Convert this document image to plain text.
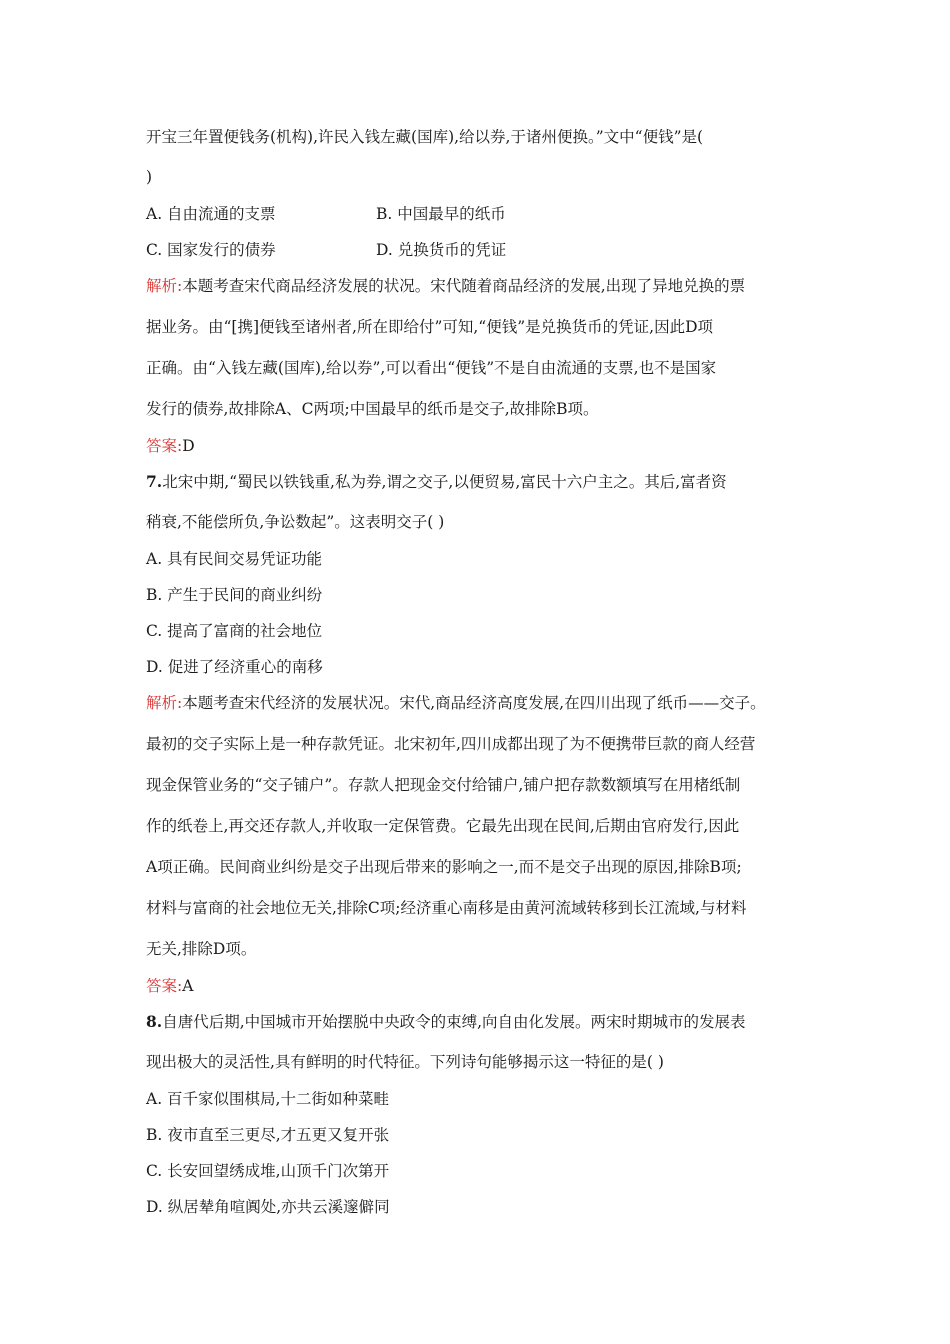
开宝三年置便钱务(机构),许民入钱左藏(国库),给以券,于诸州便换。”文中“便钱”是(
)
A. 自由流通的支票	B. 中国最早的纸币
C. 国家发行的债券	D. 兑换货币的凭证
解析:本题考查宋代商品经济发展的状况。宋代随着商品经济的发展,出现了异地兑换的票
据业务。由“[携]便钱至诸州者,所在即给付”可知,“便钱”是兑换货币的凭证,因此D项
正确。由“入钱左藏(国库),给以券”,可以看出“便钱”不是自由流通的支票,也不是国家
发行的债券,故排除A、C两项;中国最早的纸币是交子,故排除B项。
答案:D
7.北宋中期,“蜀民以铁钱重,私为券,谓之交子,以便贸易,富民十六户主之。其后,富者资
稍衰,不能偿所负,争讼数起”。这表明交子( )
A. 具有民间交易凭证功能
B. 产生于民间的商业纠纷
C. 提高了富商的社会地位
D. 促进了经济重心的南移
解析:本题考查宋代经济的发展状况。宋代,商品经济高度发展,在四川出现了纸币——交子。
最初的交子实际上是一种存款凭证。北宋初年,四川成都出现了为不便携带巨款的商人经营
现金保管业务的“交子铺户”。存款人把现金交付给铺户,铺户把存款数额填写在用楮纸制
作的纸卷上,再交还存款人,并收取一定保管费。它最先出现在民间,后期由官府发行,因此
A项正确。民间商业纠纷是交子出现后带来的影响之一,而不是交子出现的原因,排除B项;
材料与富商的社会地位无关,排除C项;经济重心南移是由黄河流域转移到长江流域,与材料
无关,排除D项。
答案:A
8.自唐代后期,中国城市开始摆脱中央政令的束缚,向自由化发展。两宋时期城市的发展表
现出极大的灵活性,具有鲜明的时代特征。下列诗句能够揭示这一特征的是( )
A. 百千家似围棋局,十二街如种菜畦
B. 夜市直至三更尽,才五更又复开张
C. 长安回望绣成堆,山顶千门次第开
D. 纵居辇角喧阗处,亦共云溪邃僻同
